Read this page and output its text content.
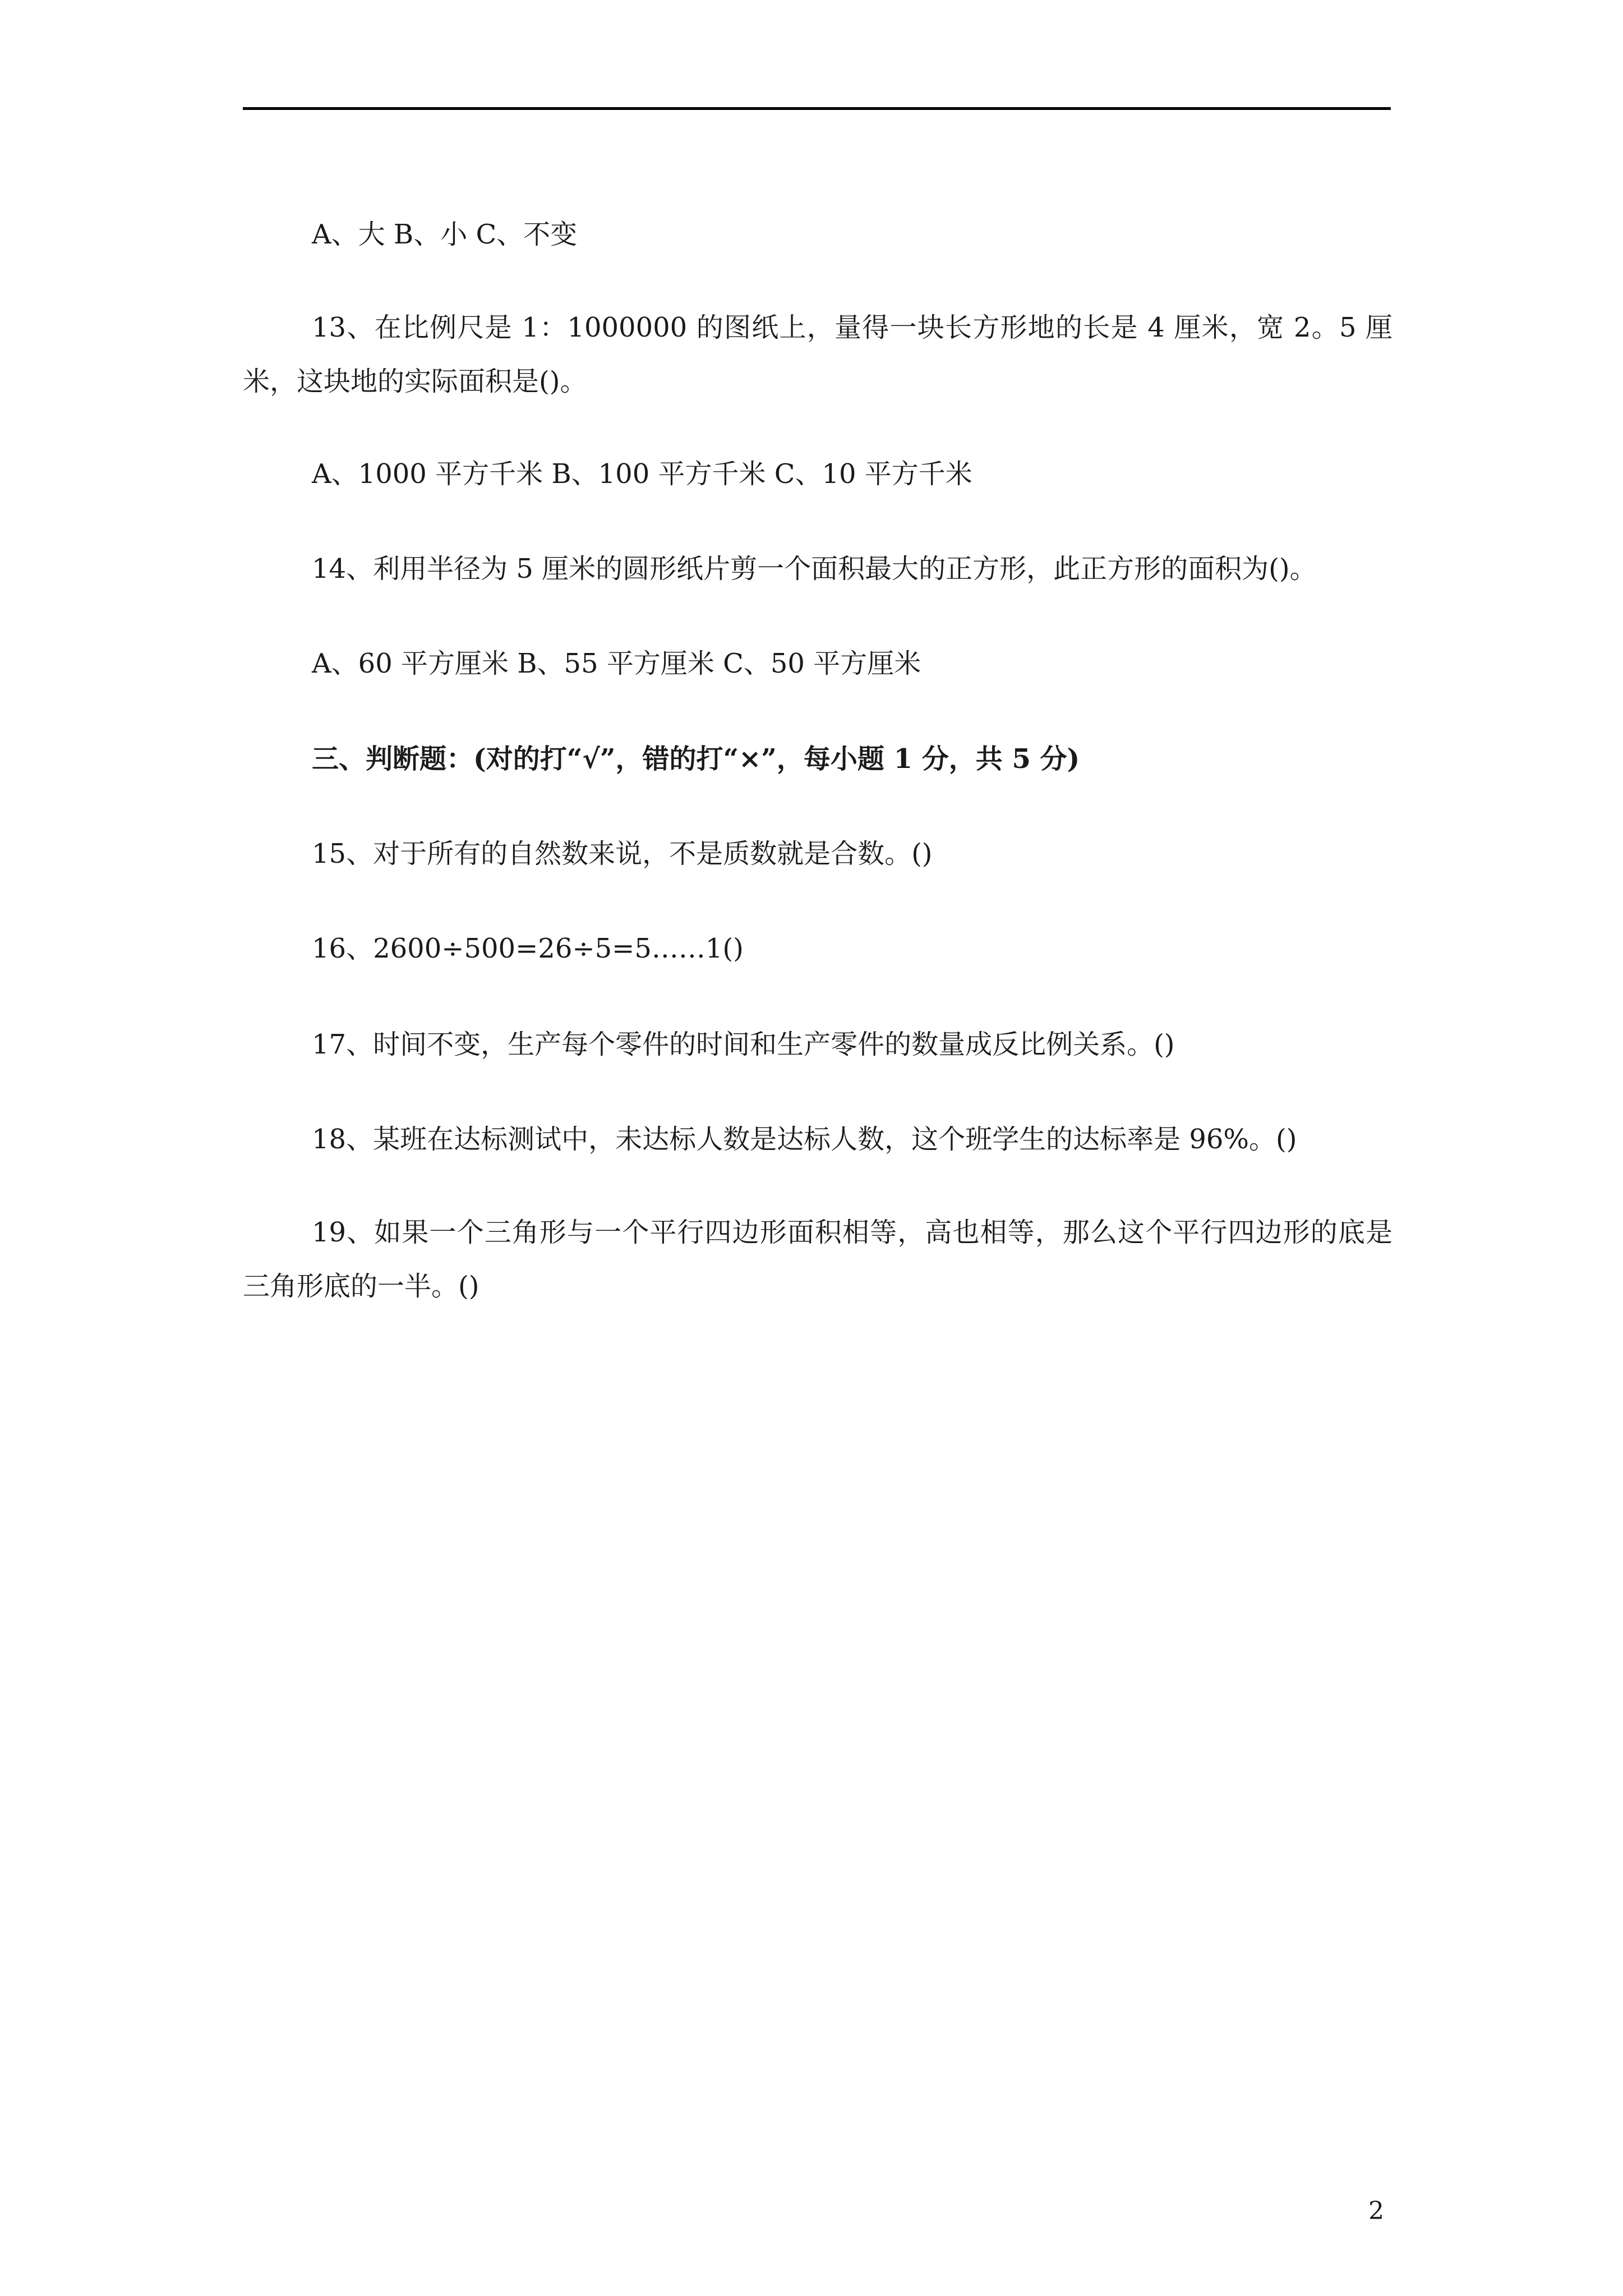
A、大 B、小 C、不变

13、在比例尺是 1：1000000 的图纸上，量得一块长方形地的长是 4 厘米，宽 2。5 厘米，这块地的实际面积是()。

A、1000 平方千米 B、100 平方千米 C、10 平方千米

14、利用半径为 5 厘米的圆形纸片剪一个面积最大的正方形，此正方形的面积为()。

A、60 平方厘米 B、55 平方厘米 C、50 平方厘米

三、判断题：(对的打“√”，错的打“×”，每小题 1 分，共 5 分)

15、对于所有的自然数来说，不是质数就是合数。()

16、2600÷500=26÷5=5……1()

17、时间不变，生产每个零件的时间和生产零件的数量成反比例关系。()

18、某班在达标测试中，未达标人数是达标人数，这个班学生的达标率是 96%。()

19、如果一个三角形与一个平行四边形面积相等，高也相等，那么这个平行四边形的底是三角形底的一半。()

2
